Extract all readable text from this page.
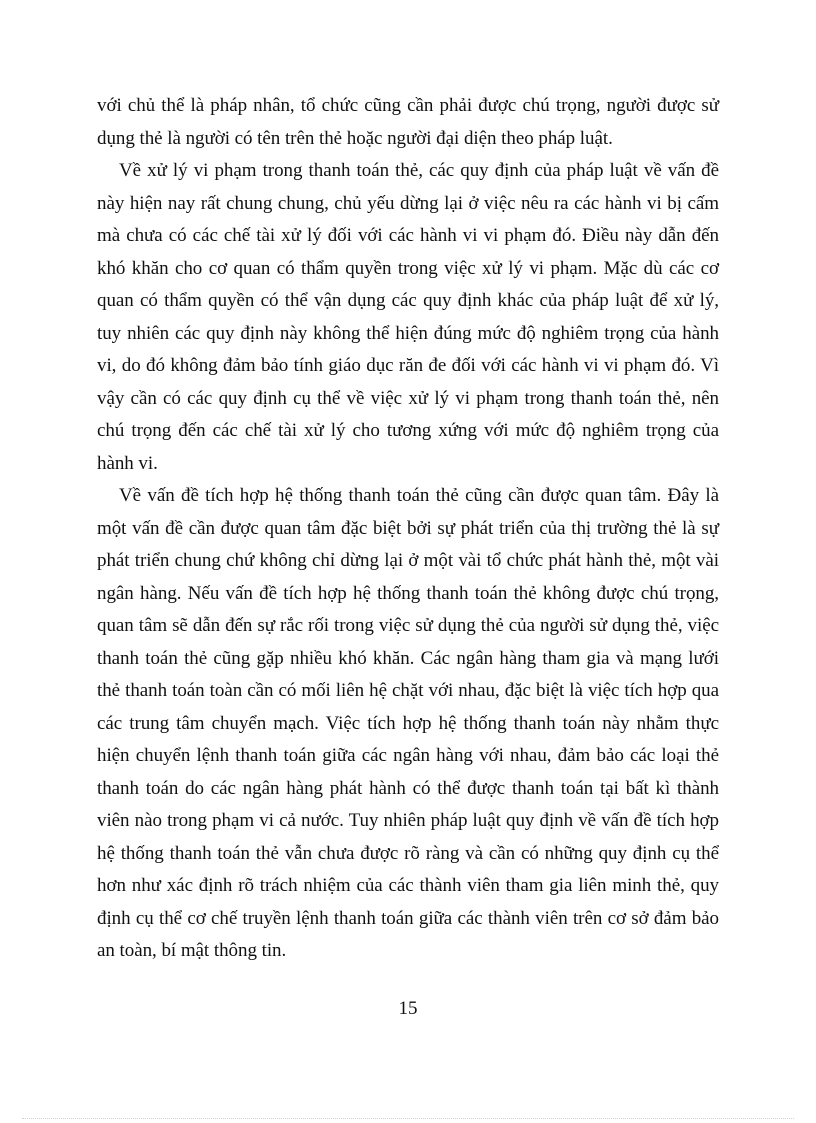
với chủ thể là pháp nhân, tổ chức cũng cần phải được chú trọng, người được sử dụng thẻ là người có tên trên thẻ hoặc người đại diện theo pháp luật.

Về xử lý vi phạm trong thanh toán thẻ, các quy định của pháp luật về vấn đề này hiện nay rất chung chung, chủ yếu dừng lại ở việc nêu ra các hành vi bị cấm mà chưa có các chế tài xử lý đối với các hành vi vi phạm đó. Điều này dẫn đến khó khăn cho cơ quan có thẩm quyền trong việc xử lý vi phạm. Mặc dù các cơ quan có thẩm quyền có thể vận dụng các quy định khác của pháp luật để xử lý, tuy nhiên các quy định này không thể hiện đúng mức độ nghiêm trọng của hành vi, do đó không đảm bảo tính giáo dục răn đe đối với các hành vi vi phạm đó. Vì vậy cần có các quy định cụ thể về việc xử lý vi phạm trong thanh toán thẻ, nên chú trọng đến các chế tài xử lý cho tương xứng với mức độ nghiêm trọng của hành vi.

Về vấn đề tích hợp hệ thống thanh toán thẻ cũng cần được quan tâm. Đây là một vấn đề cần được quan tâm đặc biệt bởi sự phát triển của thị trường thẻ là sự phát triển chung chứ không chỉ dừng lại ở một vài tổ chức phát hành thẻ, một vài ngân hàng. Nếu vấn đề tích hợp hệ thống thanh toán thẻ không được chú trọng, quan tâm sẽ dẫn đến sự rắc rối trong việc sử dụng thẻ của người sử dụng thẻ, việc thanh toán thẻ cũng gặp nhiều khó khăn. Các ngân hàng tham gia và mạng lưới thẻ thanh toán toàn cần có mối liên hệ chặt với nhau, đặc biệt là việc tích hợp qua các trung tâm chuyển mạch. Việc tích hợp hệ thống thanh toán này nhằm thực hiện chuyển lệnh thanh toán giữa các ngân hàng với nhau, đảm bảo các loại thẻ thanh toán do các ngân hàng phát hành có thể được thanh toán tại bất kì thành viên nào trong phạm vi cả nước. Tuy nhiên pháp luật quy định về vấn đề tích hợp hệ thống thanh toán thẻ vẫn chưa được rõ ràng và cần có những quy định cụ thể hơn như xác định rõ trách nhiệm của các thành viên tham gia liên minh thẻ, quy định cụ thể cơ chế truyền lệnh thanh toán giữa các thành viên trên cơ sở đảm bảo an toàn, bí mật thông tin.

15
